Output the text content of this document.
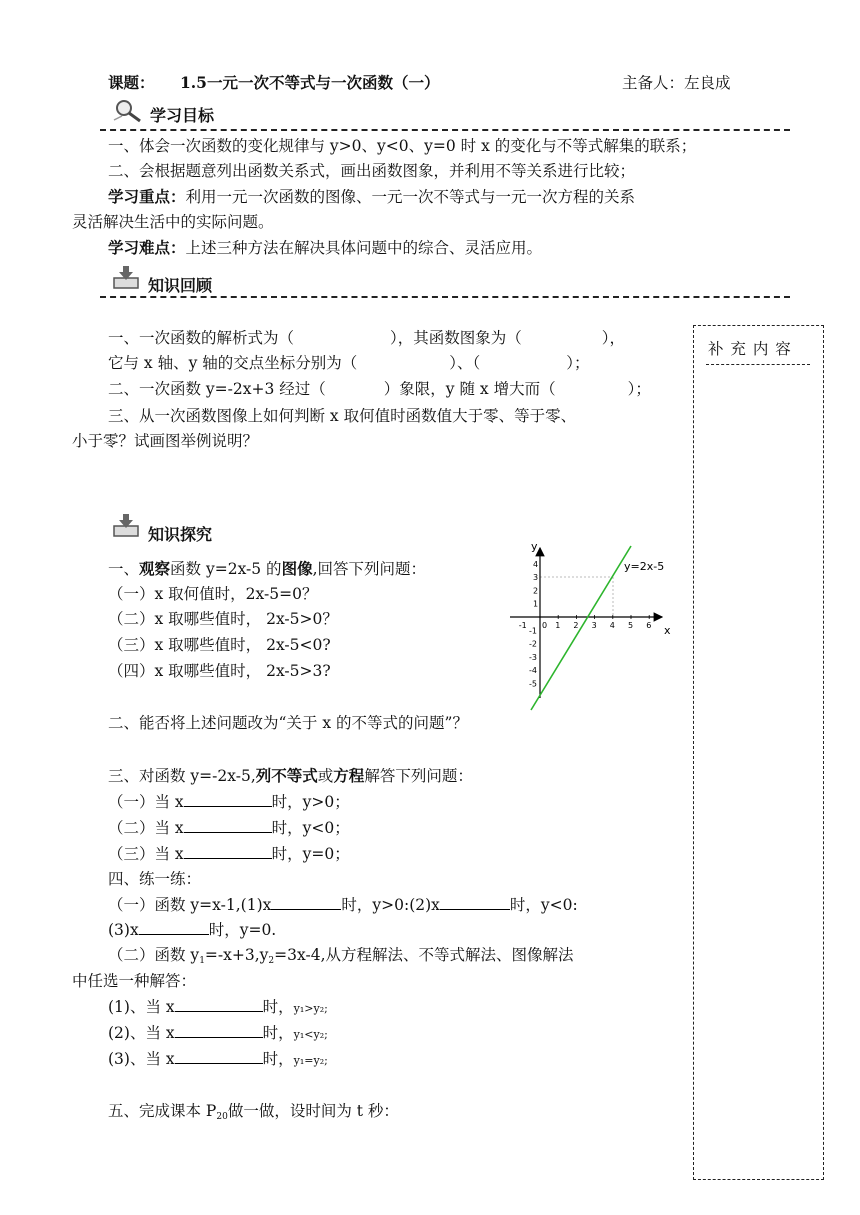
课题： 1.5一元一次不等式与一次函数（一）	主备人：左良成
学习目标
一、体会一次函数的变化规律与 y>0、y<0、y=0 时 x 的变化与不等式解集的联系；
二、会根据题意列出函数关系式，画出函数图象，并利用不等关系进行比较；
学习重点：利用一元一次函数的图像、一元一次不等式与一元一次方程的关系
灵活解决生活中的实际问题。
学习难点：上述三种方法在解决具体问题中的综合、灵活应用。
知识回顾
一、一次函数的解析式为（	），其函数图象为（	），
它与 x 轴、y 轴的交点坐标分别为（	）、（	）；
二、一次函数 y=-2x+3 经过（	）象限，y 随 x 增大而（	）；
三、从一次函数图像上如何判断 x 取何值时函数值大于零、等于零、
小于零？试画图举例说明？
补 充 内 容
知识探究
一、观察函数 y=2x-5 的图像,回答下列问题：
（一）x 取何值时，2x-5=0？
（二）x 取哪些值时， 2x-5>0？
（三）x 取哪些值时， 2x-5<0?
（四）x 取哪些值时， 2x-5>3?
-1 0 1 2 3 4 5 6
4
3
2
1
-1
-2
-3
-4
-5
x
y
y=2x-5
二、能否将上述问题改为“关于 x 的不等式的问题”？
三、对函数 y=-2x-5,列不等式或方程解答下列问题：
（一）当 x	时，y>0；
（二）当 x	时，y<0；
（三）当 x	时，y=0；
四、练一练：
（一）函数 y=x-1,(1)x	时，y>0:(2)x	时，y<0:
(3)x	时，y=0.
（二）函数 $y_1=-x+3,y_2=3x-4$,从方程解法、不等式解法、图像解法
中任选一种解答：
(1)、当 x	时，y₁>y₂;
(2)、当 x	时，y₁<y₂;
(3)、当 x	时，y₁=y₂;
五、完成课本 $P_{20}$做一做，设时间为 t 秒：
